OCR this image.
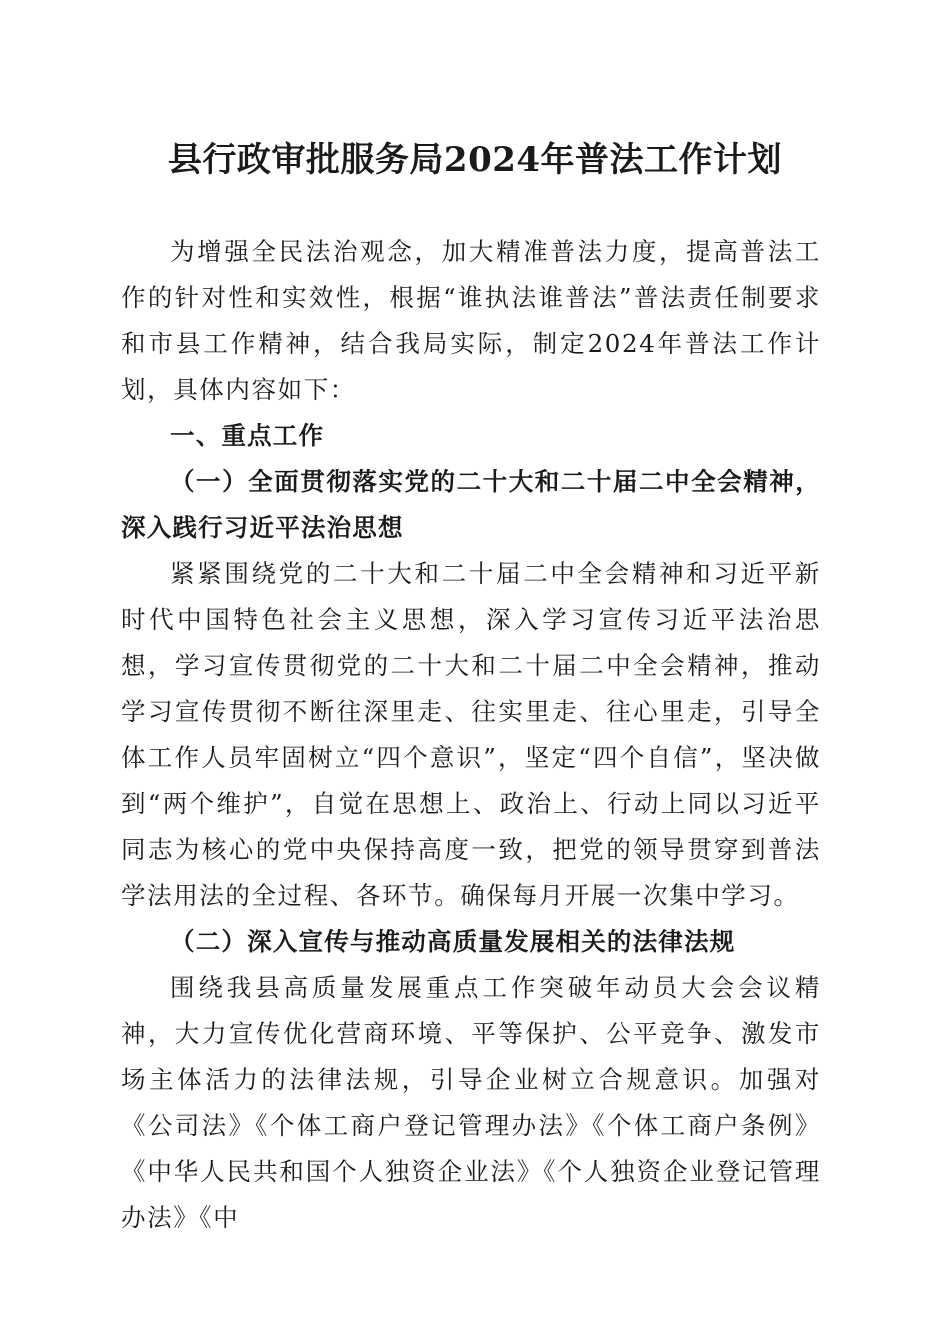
县行政审批服务局2024年普法工作计划

为增强全民法治观念，加大精准普法力度，提高普法工作的针对性和实效性，根据“谁执法谁普法”普法责任制要求和市县工作精神，结合我局实际，制定2024年普法工作计划，具体内容如下：

一、重点工作

（一）全面贯彻落实党的二十大和二十届二中全会精神，深入践行习近平法治思想

紧紧围绕党的二十大和二十届二中全会精神和习近平新时代中国特色社会主义思想，深入学习宣传习近平法治思想，学习宣传贯彻党的二十大和二十届二中全会精神，推动学习宣传贯彻不断往深里走、往实里走、往心里走，引导全体工作人员牢固树立“四个意识”，坚定“四个自信”，坚决做到“两个维护”，自觉在思想上、政治上、行动上同以习近平同志为核心的党中央保持高度一致，把党的领导贯穿到普法学法用法的全过程、各环节。确保每月开展一次集中学习。

（二）深入宣传与推动高质量发展相关的法律法规

围绕我县高质量发展重点工作突破年动员大会会议精神，大力宣传优化营商环境、平等保护、公平竞争、激发市场主体活力的法律法规，引导企业树立合规意识。加强对《公司法》《个体工商户登记管理办法》《个体工商户条例》《中华人民共和国个人独资企业法》《个人独资企业登记管理办法》《中
